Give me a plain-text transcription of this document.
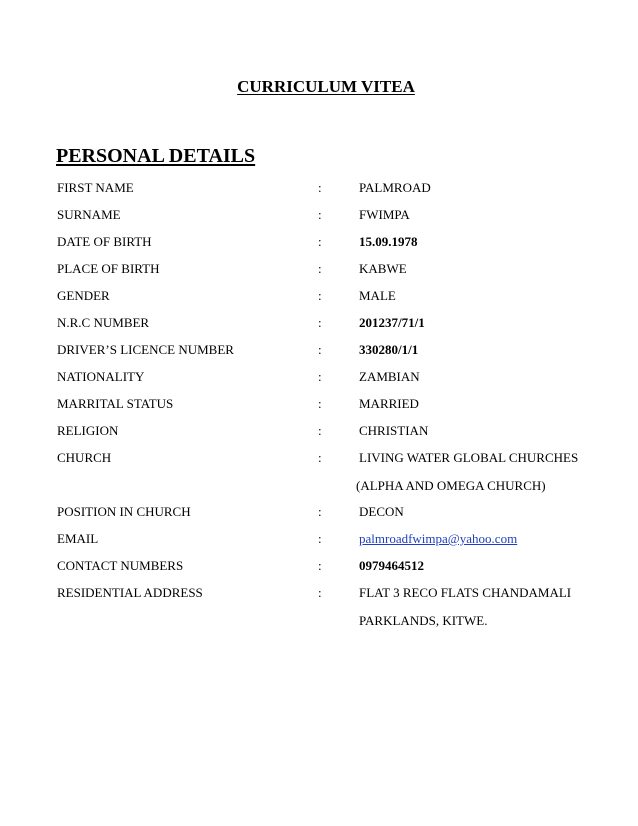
CURRICULUM VITEA
PERSONAL DETAILS
FIRST NAME	:	PALMROAD
SURNAME	:	FWIMPA
DATE OF BIRTH	:	15.09.1978
PLACE OF BIRTH	:	KABWE
GENDER	:	MALE
N.R.C NUMBER	:	201237/71/1
DRIVER’S LICENCE NUMBER	:	330280/1/1
NATIONALITY	:	ZAMBIAN
MARRITAL STATUS	:	MARRIED
RELIGION	:	CHRISTIAN
CHURCH	:	LIVING WATER GLOBAL CHURCHES
(ALPHA AND OMEGA CHURCH)
POSITION IN CHURCH	:	DECON
EMAIL	:	palmroadfwimpa@yahoo.com
CONTACT NUMBERS	:	0979464512
RESIDENTIAL ADDRESS	:	FLAT 3 RECO FLATS CHANDAMALI
PARKLANDS, KITWE.
